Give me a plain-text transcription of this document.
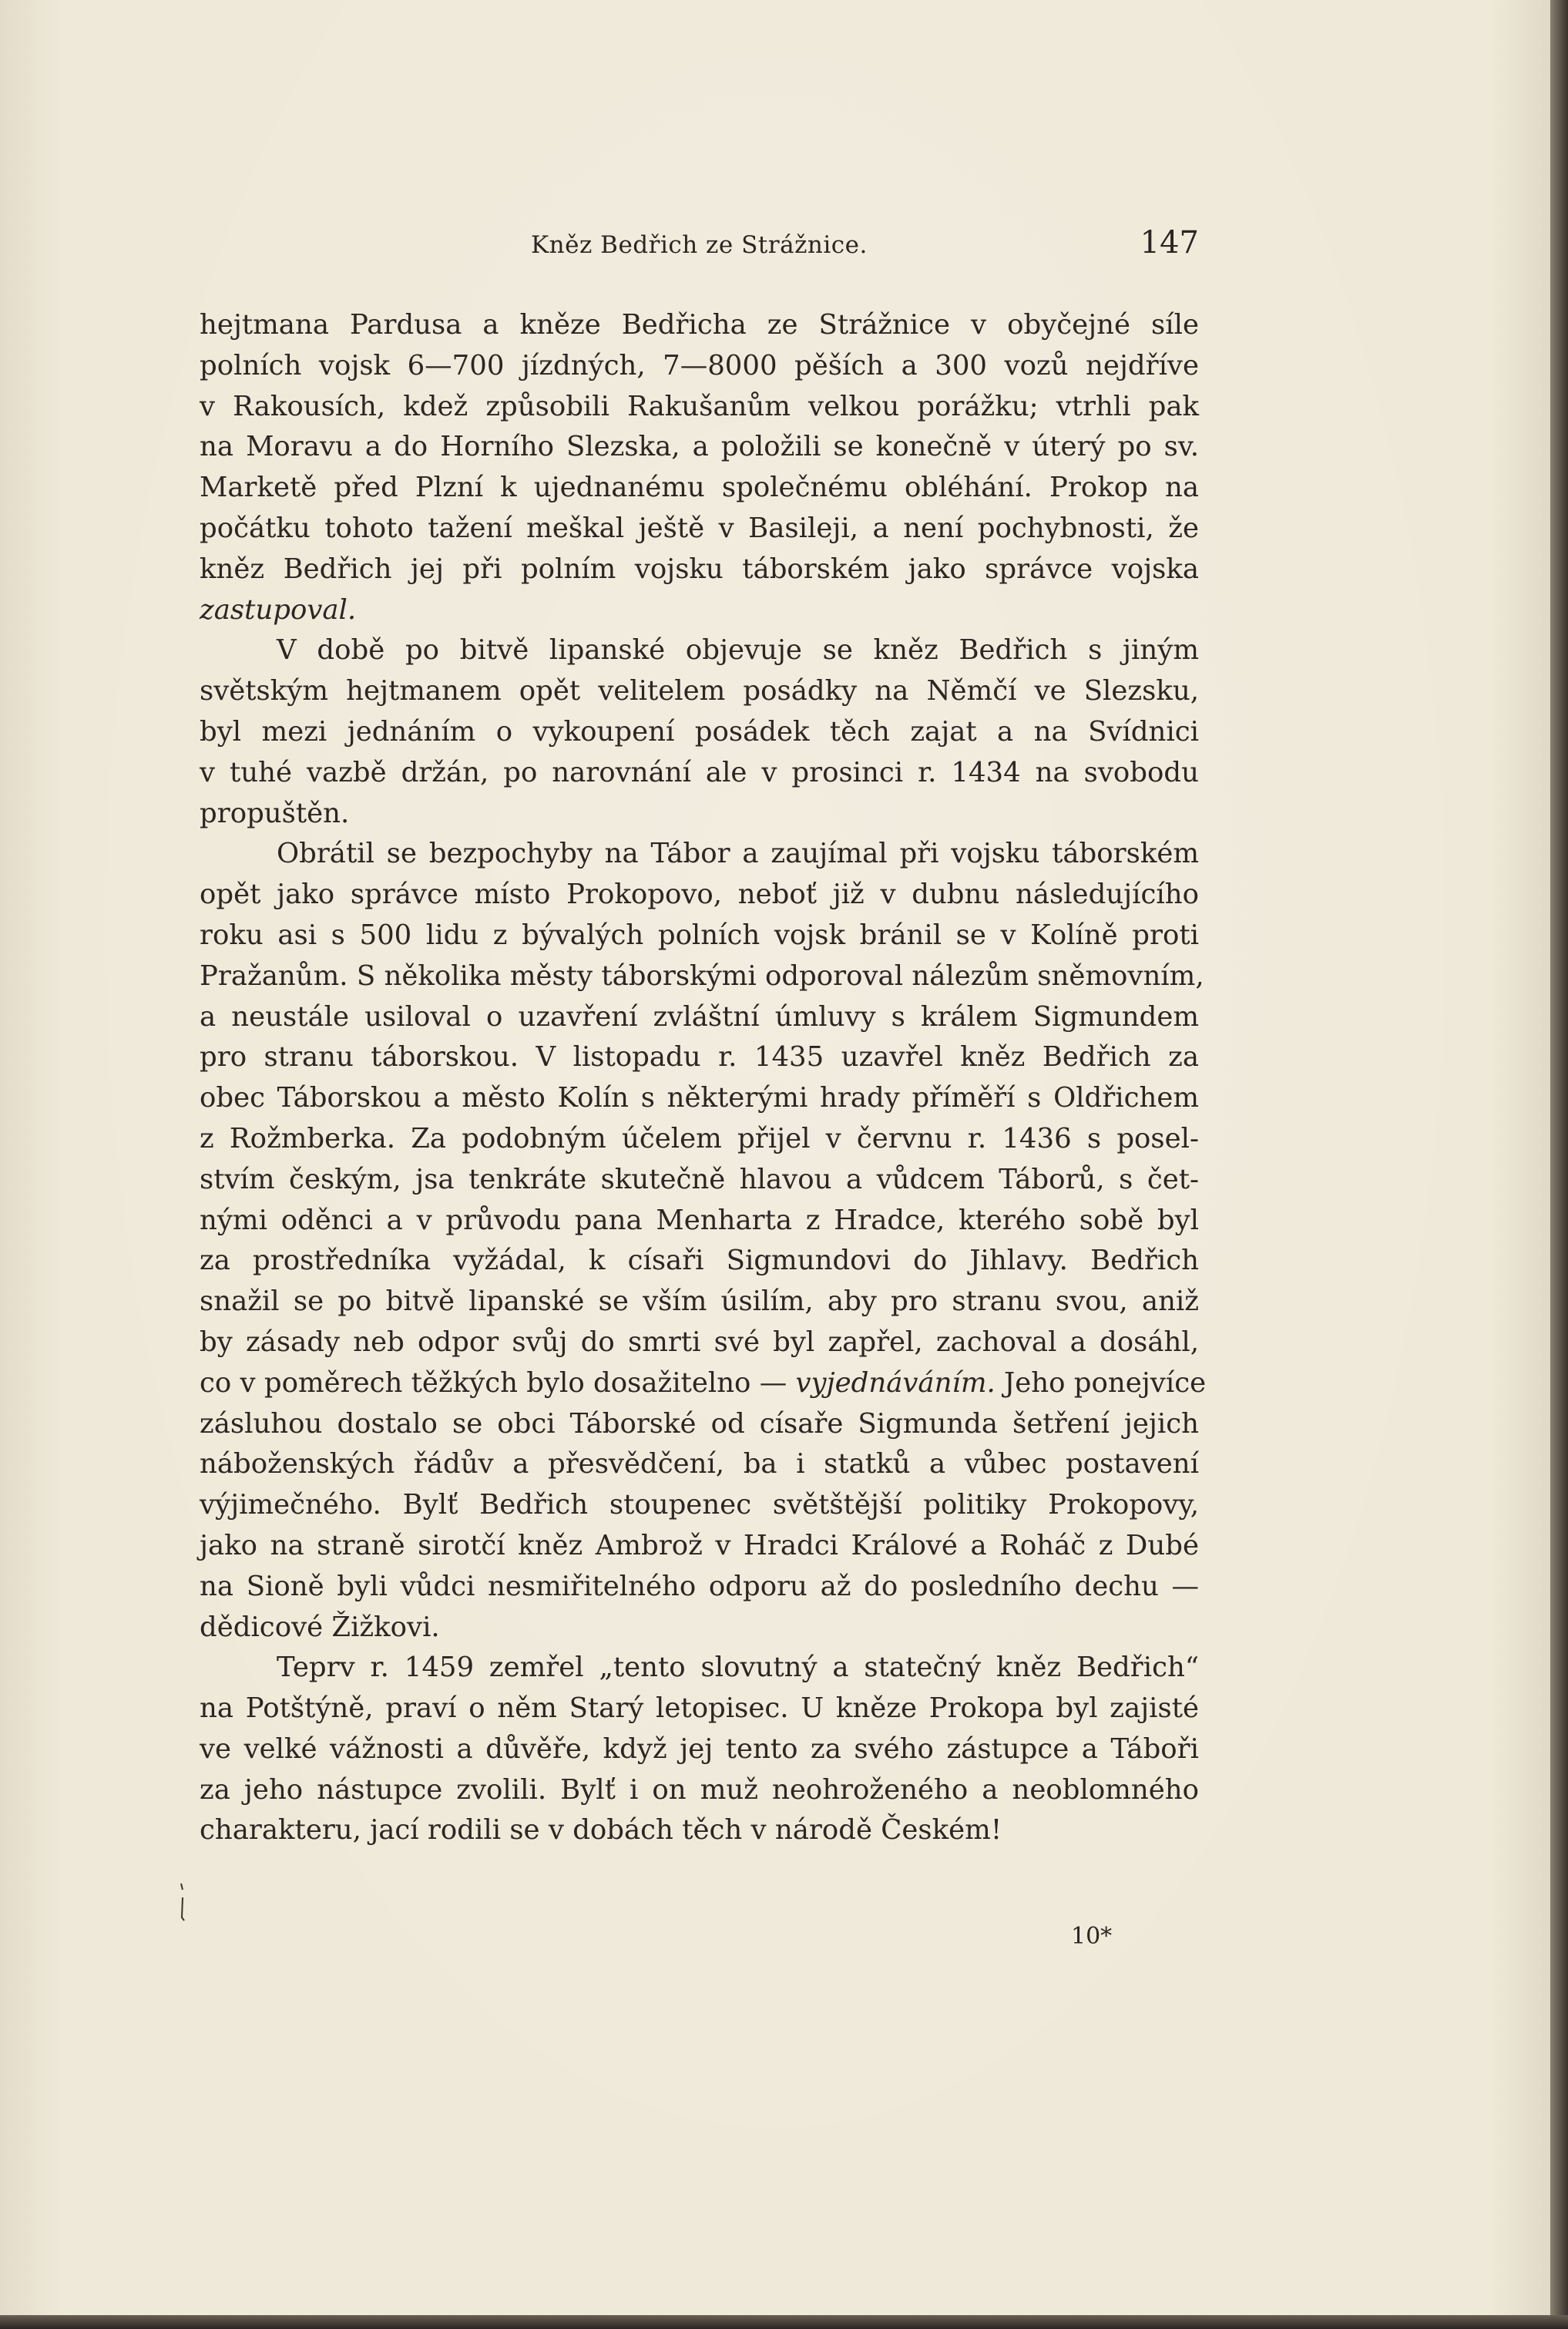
Kněz Bedřich ze Strážnice.	147
hejtmana Pardusa a kněze Bedřicha ze Strážnice v obyčejné síle
polních vojsk 6—700 jízdných, 7—8000 pěších a 300 vozů nejdříve
v Rakousích, kdež způsobili Rakušanům velkou porážku; vtrhli pak
na Moravu a do Horního Slezska, a položili se konečně v úterý po sv.
Marketě před Plzní k ujednanému společnému obléhání. Prokop na
počátku tohoto tažení meškal ještě v Basileji, a není pochybnosti, že
kněz Bedřich jej při polním vojsku táborském jako správce vojska
zastupoval.
V době po bitvě lipanské objevuje se kněz Bedřich s jiným
světským hejtmanem opět velitelem posádky na Němčí ve Slezsku,
byl mezi jednáním o vykoupení posádek těch zajat a na Svídnici
v tuhé vazbě držán, po narovnání ale v prosinci r. 1434 na svobodu
propuštěn.
Obrátil se bezpochyby na Tábor a zaujímal při vojsku táborském
opět jako správce místo Prokopovo, neboť již v dubnu následujícího
roku asi s 500 lidu z bývalých polních vojsk bránil se v Kolíně proti
Pražanům. S několika městy táborskými odporoval nálezům sněmovním,
a neustále usiloval o uzavření zvláštní úmluvy s králem Sigmundem
pro stranu táborskou. V listopadu r. 1435 uzavřel kněz Bedřich za
obec Táborskou a město Kolín s některými hrady příměří s Oldřichem
z Rožmberka. Za podobným účelem přijel v červnu r. 1436 s posel-
stvím českým, jsa tenkráte skutečně hlavou a vůdcem Táborů, s čet-
nými oděnci a v průvodu pana Menharta z Hradce, kterého sobě byl
za prostředníka vyžádal, k císaři Sigmundovi do Jihlavy. Bedřich
snažil se po bitvě lipanské se vším úsilím, aby pro stranu svou, aniž
by zásady neb odpor svůj do smrti své byl zapřel, zachoval a dosáhl,
co v poměrech těžkých bylo dosažitelno — vyjednáváním. Jeho ponejvíce
zásluhou dostalo se obci Táborské od císaře Sigmunda šetření jejich
náboženských řádův a přesvědčení, ba i statků a vůbec postavení
výjimečného. Bylť Bedřich stoupenec světštější politiky Prokopovy,
jako na straně sirotčí kněz Ambrož v Hradci Králové a Roháč z Dubé
na Sioně byli vůdci nesmiřitelného odporu až do posledního dechu —
dědicové Žižkovi.
Teprv r. 1459 zemřel „tento slovutný a statečný kněz Bedřich“
na Potštýně, praví o něm Starý letopisec. U kněze Prokopa byl zajisté
ve velké vážnosti a důvěře, když jej tento za svého zástupce a Táboři
za jeho nástupce zvolili. Bylť i on muž neohroženého a neoblomného
charakteru, jací rodili se v dobách těch v národě Českém!
10*
